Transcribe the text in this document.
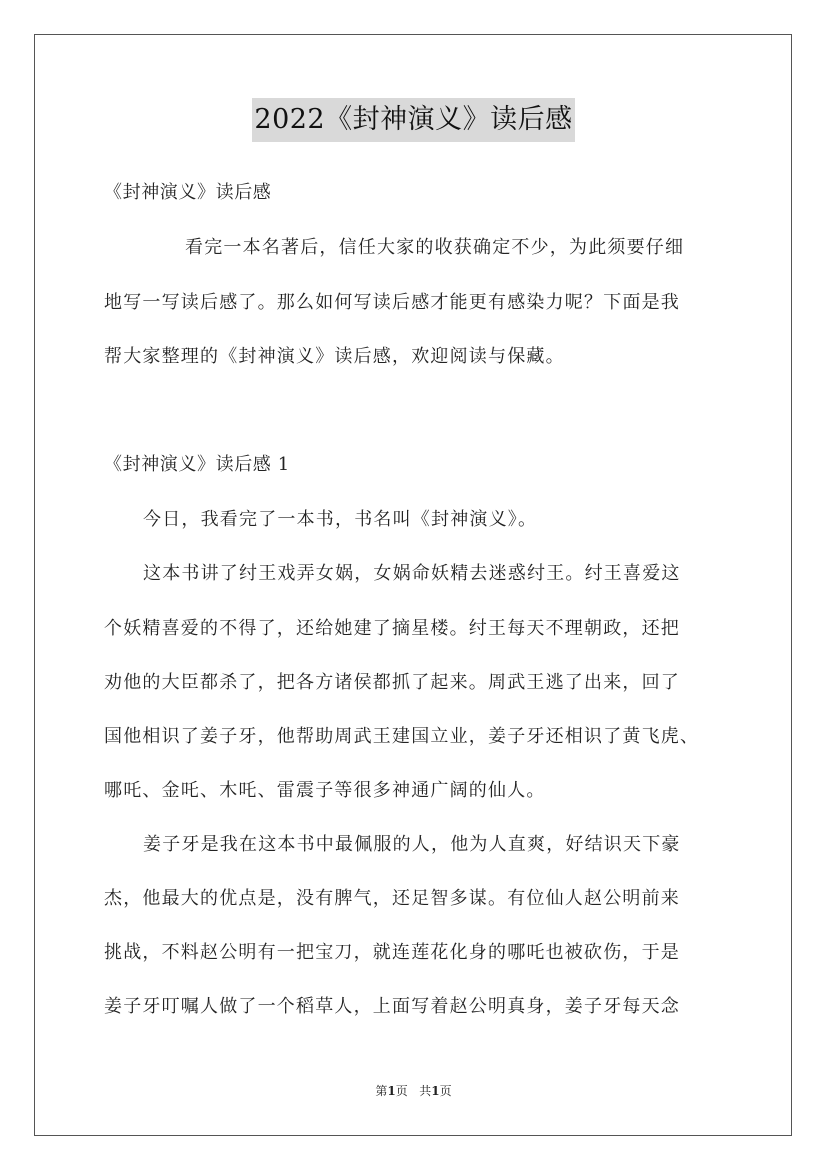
2022《封神演义》读后感
《封神演义》读后感
看完一本名著后，信任大家的收获确定不少，为此须要仔细
地写一写读后感了。那么如何写读后感才能更有感染力呢？下面是我
帮大家整理的《封神演义》读后感，欢迎阅读与保藏。
《封神演义》读后感 1
今日，我看完了一本书，书名叫《封神演义》。
这本书讲了纣王戏弄女娲，女娲命妖精去迷惑纣王。纣王喜爱这
个妖精喜爱的不得了，还给她建了摘星楼。纣王每天不理朝政，还把
劝他的大臣都杀了，把各方诸侯都抓了起来。周武王逃了出来，回了
国他相识了姜子牙，他帮助周武王建国立业，姜子牙还相识了黄飞虎、
哪吒、金吒、木吒、雷震子等很多神通广阔的仙人。
姜子牙是我在这本书中最佩服的人，他为人直爽，好结识天下豪
杰，他最大的优点是，没有脾气，还足智多谋。有位仙人赵公明前来
挑战，不料赵公明有一把宝刀，就连莲花化身的哪吒也被砍伤，于是
姜子牙叮嘱人做了一个稻草人，上面写着赵公明真身，姜子牙每天念
第1页 共1页
